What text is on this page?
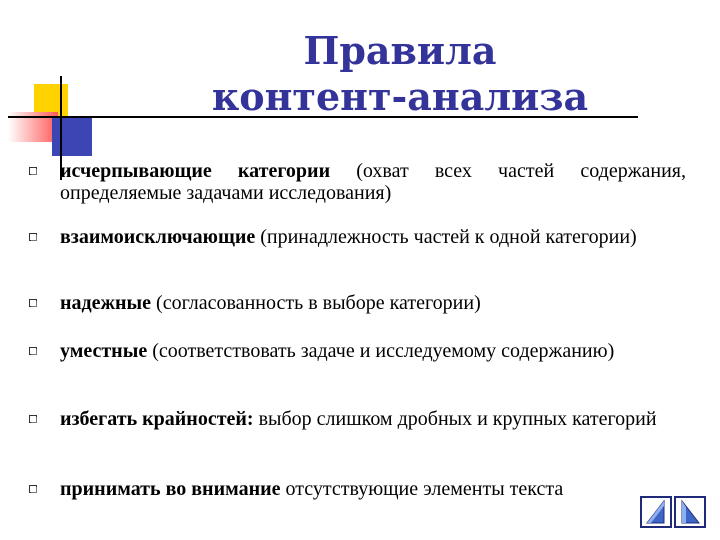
Правила
контент-анализа
исчерпывающие категории (охват всех частей содержания, определяемые задачами исследования)
взаимоисключающие (принадлежность частей к одной категории)
надежные (согласованность в выборе категории)
уместные (соответствовать задаче и исследуемому содержанию)
избегать крайностей: выбор слишком дробных и крупных категорий
принимать во внимание отсутствующие элементы текста
